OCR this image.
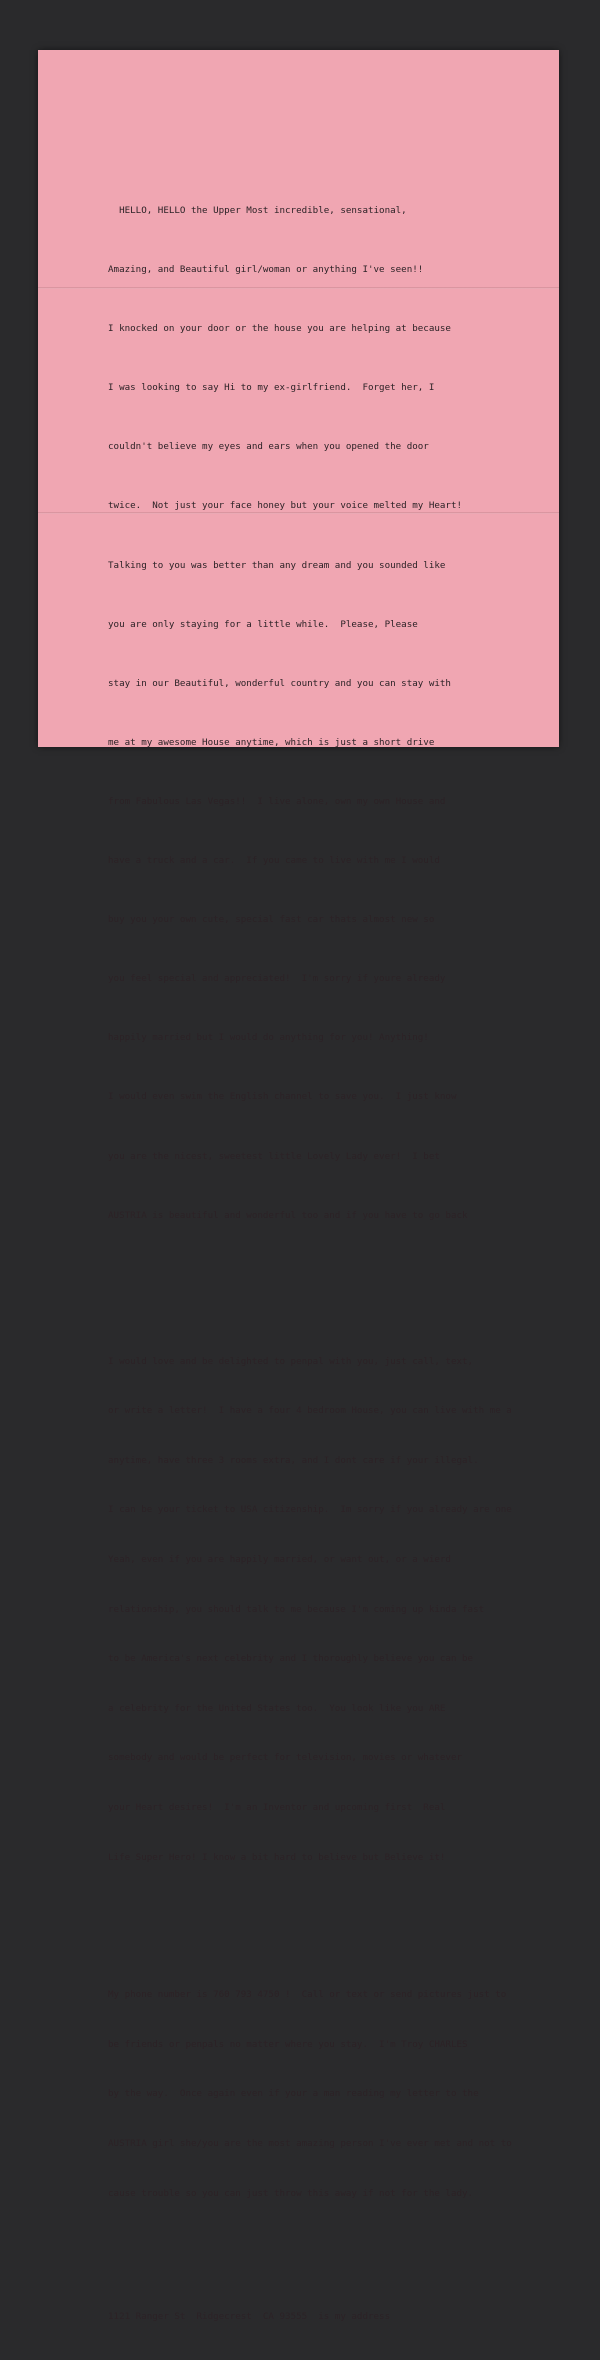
HELLO, HELLO the Upper Most incredible, sensational,

Amazing, and Beautiful girl/woman or anything I've seen!!

I knocked on your door or the house you are helping at because

I was looking to say Hi to my ex-girlfriend.  Forget her, I

couldn't believe my eyes and ears when you opened the door

twice.  Not just your face honey but your voice melted my Heart!

Talking to you was better than any dream and you sounded like

you are only staying for a little while.  Please, Please

stay in our Beautiful, wonderful country and you can stay with

me at my awesome House anytime, which is just a short drive

from Fabulous Las Vegas!!  I live alone, own my own House and

have a truck and a car.  If you came to live with me I would

buy you your own cute, special fast car thats almost new so

you feel special and appreciated!  I'm sorry if youre already

happily married but I would do anything for you! Anything!

I would even swim the English channel to save you.  I just know

you are the nicest, sweetest little Lovely Lady ever!  I bet

AUSTRIA is beautiful and wonderful too and if you have to go back

I would love and be delighted to penpal with you, just call, text,

or write a letter!  I have a four 4 bedroom House, you can live with me a

anytime, have three 3 rooms extra, and I dont care if your illegal.

I can be your ticket to USA citizenship.  Im sorry if you already are one

Yeah, even if you are happily married, or want out, or a wierd

relationship, you should talk to me because I'm coming up kinda fast

to be America's next celebrity and I thoroughly believe you can be

a celebrity for the United States too.  You look like you ARE

somebody and would be perfect for television, movies or whatever

your Heart desires!  I'm an Inventor and upcoming first  Real

Life Super Hero! I know a bit hard to believe but Believe it!

My phone number is 760 793 4750 !  Call or text or send pictures just to

be friends or penpals no matter where you stay.  I'm Troy CHARLES

by the way.  Once again even if your a man reading my letter to the

AUSTRIA girl she/you are the most amazing person I've ever met and not to

cause trouble so you can just throw this away if not for the lady.

1121 Ranger St  Ridgecrest  CA 93555  is my address
